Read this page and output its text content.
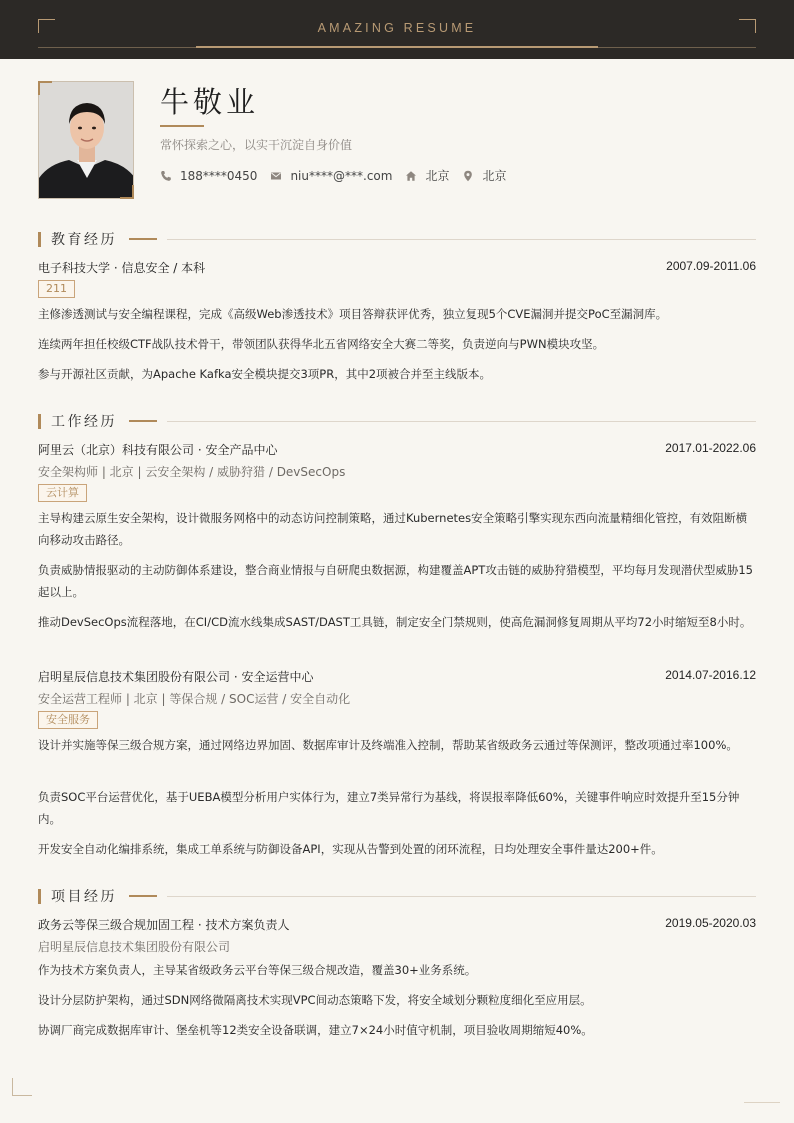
AMAZING RESUME
牛敬业
常怀探索之心，以实干沉淀自身价值
188****0450	niu****@***.com	北京	北京
教育经历
电子科技大学 · 信息安全 / 本科	2007.09-2011.06
211
主修渗透测试与安全编程课程，完成《高级Web渗透技术》项目答辩获评优秀，独立复现5个CVE漏洞并提交PoC至漏洞库。
连续两年担任校级CTF战队技术骨干，带领团队获得华北五省网络安全大赛二等奖，负责逆向与PWN模块攻坚。
参与开源社区贡献，为Apache Kafka安全模块提交3项PR，其中2项被合并至主线版本。
工作经历
阿里云（北京）科技有限公司 · 安全产品中心	2017.01-2022.06
安全架构师 | 北京 | 云安全架构 / 威胁狩猎 / DevSecOps
云计算
主导构建云原生安全架构，设计微服务网格中的动态访问控制策略，通过Kubernetes安全策略引擎实现东西向流量精细化管控，有效阻断横向移动攻击路径。
负责威胁情报驱动的主动防御体系建设，整合商业情报与自研爬虫数据源，构建覆盖APT攻击链的威胁狩猎模型，平均每月发现潜伏型威胁15起以上。
推动DevSecOps流程落地，在CI/CD流水线集成SAST/DAST工具链，制定安全门禁规则，使高危漏洞修复周期从平均72小时缩短至8小时。
启明星辰信息技术集团股份有限公司 · 安全运营中心	2014.07-2016.12
安全运营工程师 | 北京 | 等保合规 / SOC运营 / 安全自动化
安全服务
设计并实施等保三级合规方案，通过网络边界加固、数据库审计及终端准入控制，帮助某省级政务云通过等保测评，整改项通过率100%。
负责SOC平台运营优化，基于UEBA模型分析用户实体行为，建立7类异常行为基线，将误报率降低60%，关键事件响应时效提升至15分钟内。
开发安全自动化编排系统，集成工单系统与防御设备API，实现从告警到处置的闭环流程，日均处理安全事件量达200+件。
项目经历
政务云等保三级合规加固工程 · 技术方案负责人	2019.05-2020.03
启明星辰信息技术集团股份有限公司
作为技术方案负责人，主导某省级政务云平台等保三级合规改造，覆盖30+业务系统。
设计分层防护架构，通过SDN网络微隔离技术实现VPC间动态策略下发，将安全域划分颗粒度细化至应用层。
协调厂商完成数据库审计、堡垒机等12类安全设备联调，建立7×24小时值守机制，项目验收周期缩短40%。
